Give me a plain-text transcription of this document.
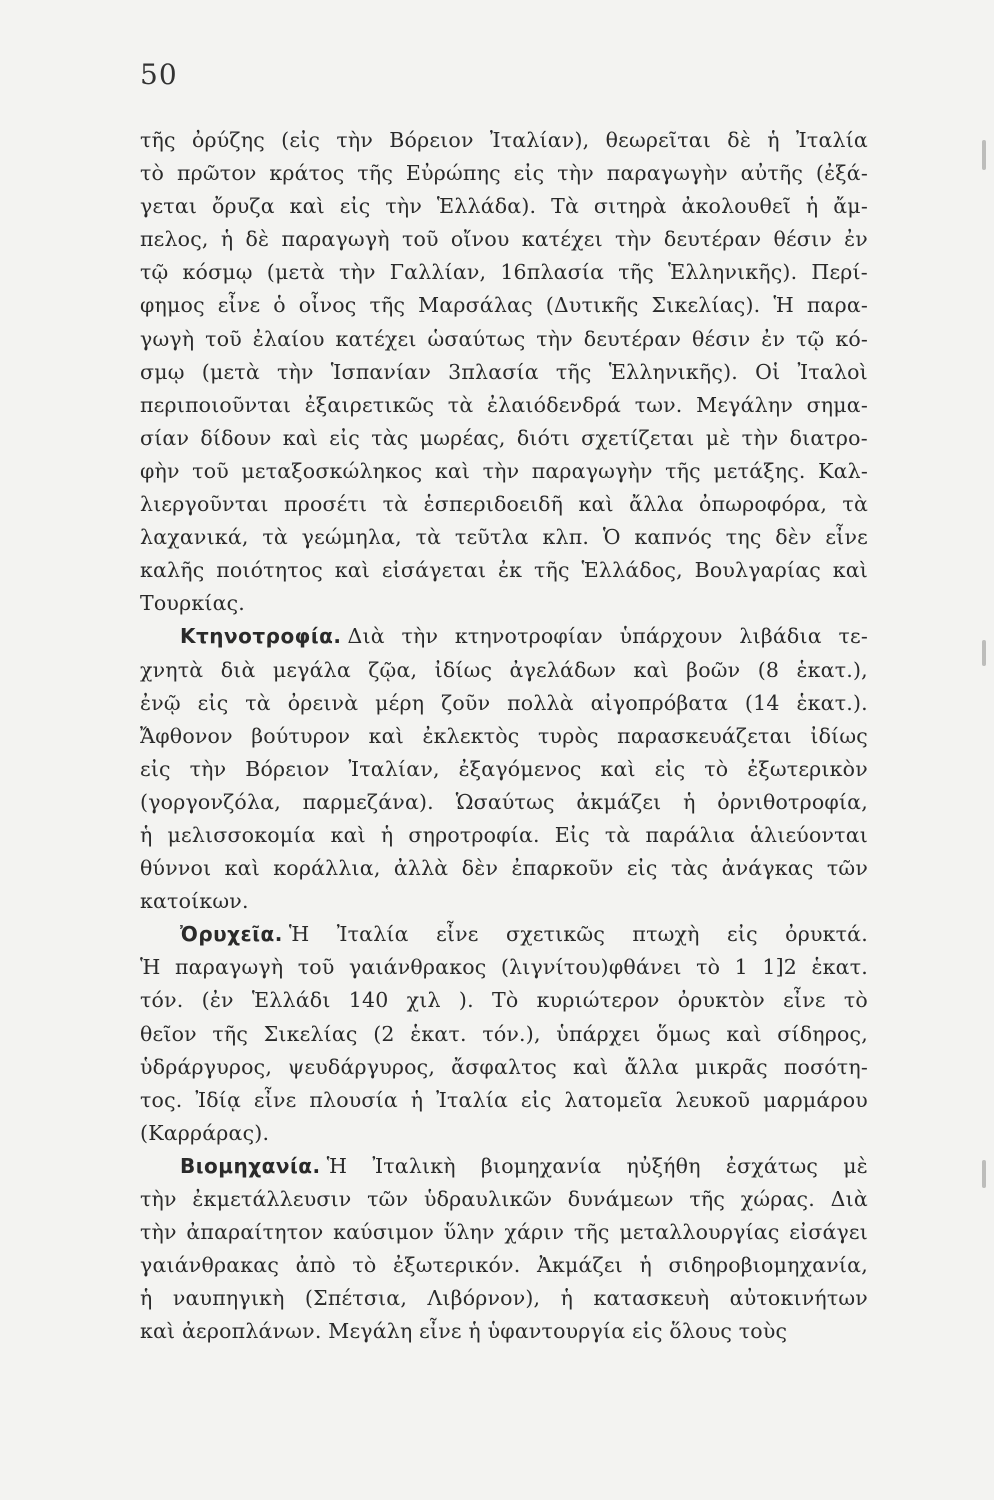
50
τῆς ὀρύζης (εἰς τὴν Βόρειον Ἰταλίαν), θεωρεῖται δὲ ἡ Ἰταλία
τὸ πρῶτον κράτος τῆς Εὐρώπης εἰς τὴν παραγωγὴν αὐτῆς (ἐξά-
γεται ὄρυζα καὶ εἰς τὴν Ἑλλάδα). Τὰ σιτηρὰ ἀκολουθεῖ ἡ ἄμ-
πελος, ἡ δὲ παραγωγὴ τοῦ οἴνου κατέχει τὴν δευτέραν θέσιν ἐν
τῷ κόσμῳ (μετὰ τὴν Γαλλίαν, 16πλασία τῆς Ἑλληνικῆς). Περί-
φημος εἶνε ὁ οἶνος τῆς Μαρσάλας (Δυτικῆς Σικελίας). Ἡ παρα-
γωγὴ τοῦ ἐλαίου κατέχει ὡσαύτως τὴν δευτέραν θέσιν ἐν τῷ κό-
σμῳ (μετὰ τὴν Ἱσπανίαν 3πλασία τῆς Ἑλληνικῆς). Οἱ Ἰταλοὶ
περιποιοῦνται ἐξαιρετικῶς τὰ ἐλαιόδενδρά των. Μεγάλην σημα-
σίαν δίδουν καὶ εἰς τὰς μωρέας, διότι σχετίζεται μὲ τὴν διατρο-
φὴν τοῦ μεταξοσκώληκος καὶ τὴν παραγωγὴν τῆς μετάξης. Καλ-
λιεργοῦνται προσέτι τὰ ἑσπεριδοειδῆ καὶ ἄλλα ὀπωροφόρα, τὰ
λαχανικά, τὰ γεώμηλα, τὰ τεῦτλα κλπ. Ὁ καπνός της δὲν εἶνε
καλῆς ποιότητος καὶ εἰσάγεται ἐκ τῆς Ἑλλάδος, Βουλγαρίας καὶ
Τουρκίας.
Κτηνοτροφία. Διὰ τὴν κτηνοτροφίαν ὑπάρχουν λιβάδια τε-
χνητὰ διὰ μεγάλα ζῷα, ἰδίως ἀγελάδων καὶ βοῶν (8 ἑκατ.),
ἐνῷ εἰς τὰ ὀρεινὰ μέρη ζοῦν πολλὰ αἰγοπρόβατα (14 ἑκατ.).
Ἄφθονον βούτυρον καὶ ἐκλεκτὸς τυρὸς παρασκευάζεται ἰδίως
εἰς τὴν Βόρειον Ἰταλίαν, ἐξαγόμενος καὶ εἰς τὸ ἐξωτερικὸν
(γοργονζόλα, παρμεζάνα). Ὡσαύτως ἀκμάζει ἡ ὀρνιθοτροφία,
ἡ μελισσοκομία καὶ ἡ σηροτροφία. Εἰς τὰ παράλια ἁλιεύονται
θύννοι καὶ κοράλλια, ἀλλὰ δὲν ἐπαρκοῦν εἰς τὰς ἀνάγκας τῶν
κατοίκων.
Ὀρυχεῖα. Ἡ Ἰταλία εἶνε σχετικῶς πτωχὴ εἰς ὀρυκτά.
Ἡ παραγωγὴ τοῦ γαιάνθρακος (λιγνίτου)φθάνει τὸ 1 1]2 ἑκατ.
τόν. (ἐν Ἑλλάδι 140 χιλ ). Τὸ κυριώτερον ὀρυκτὸν εἶνε τὸ
θεῖον τῆς Σικελίας (2 ἑκατ. τόν.), ὑπάρχει ὅμως καὶ σίδηρος,
ὑδράργυρος, ψευδάργυρος, ἄσφαλτος καὶ ἄλλα μικρᾶς ποσότη-
τος. Ἰδίᾳ εἶνε πλουσία ἡ Ἰταλία εἰς λατομεῖα λευκοῦ μαρμάρου
(Καρράρας).
Βιομηχανία. Ἡ Ἰταλικὴ βιομηχανία ηὐξήθη ἐσχάτως μὲ
τὴν ἐκμετάλλευσιν τῶν ὑδραυλικῶν δυνάμεων τῆς χώρας. Διὰ
τὴν ἀπαραίτητον καύσιμον ὕλην χάριν τῆς μεταλλουργίας εἰσάγει
γαιάνθρακας ἀπὸ τὸ ἐξωτερικόν. Ἀκμάζει ἡ σιδηροβιομηχανία,
ἡ ναυπηγικὴ (Σπέτσια, Λιβόρνον), ἡ κατασκευὴ αὐτοκινήτων
καὶ ἀεροπλάνων. Μεγάλη εἶνε ἡ ὑφαντουργία εἰς ὅλους τοὺς
